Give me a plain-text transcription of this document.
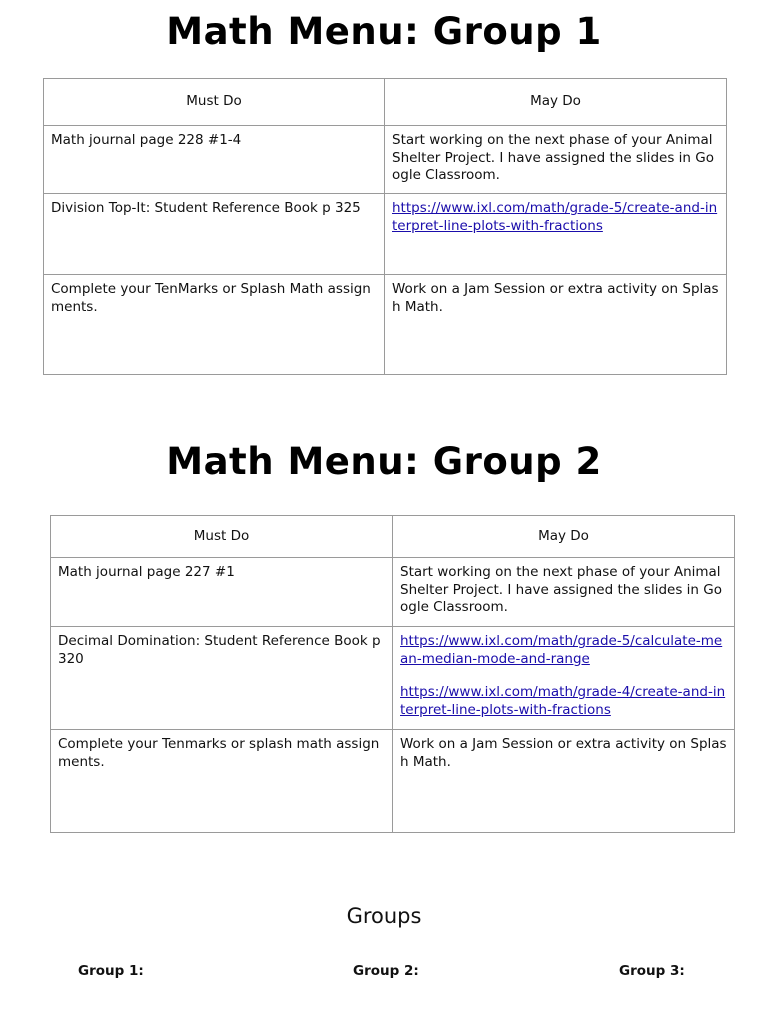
Math Menu: Group 1
Must Do	May Do
Math journal page 228 #1-4	Start working on the next phase of your Animal Shelter Project. I have assigned the slides in Google Classroom.
Division Top-It: Student Reference Book p 325	https://www.ixl.com/math/grade-5/create-and-interpret-line-plots-with-fractions

Complete your TenMarks or Splash Math assignments.	Work on a Jam Session or extra activity on Splash Math.
Math Menu: Group 2
Must Do	May Do
Math journal page 227 #1	Start working on the next phase of your Animal Shelter Project. I have assigned the slides in Google Classroom.
Decimal Domination: Student Reference Book p 320	https://www.ixl.com/math/grade-5/calculate-mean-median-mode-and-range
https://www.ixl.com/math/grade-4/create-and-interpret-line-plots-with-fractions

Complete your Tenmarks or splash math assignments.	Work on a Jam Session or extra activity on Splash Math.
Groups
Group 1:	Group 2:	Group 3:
